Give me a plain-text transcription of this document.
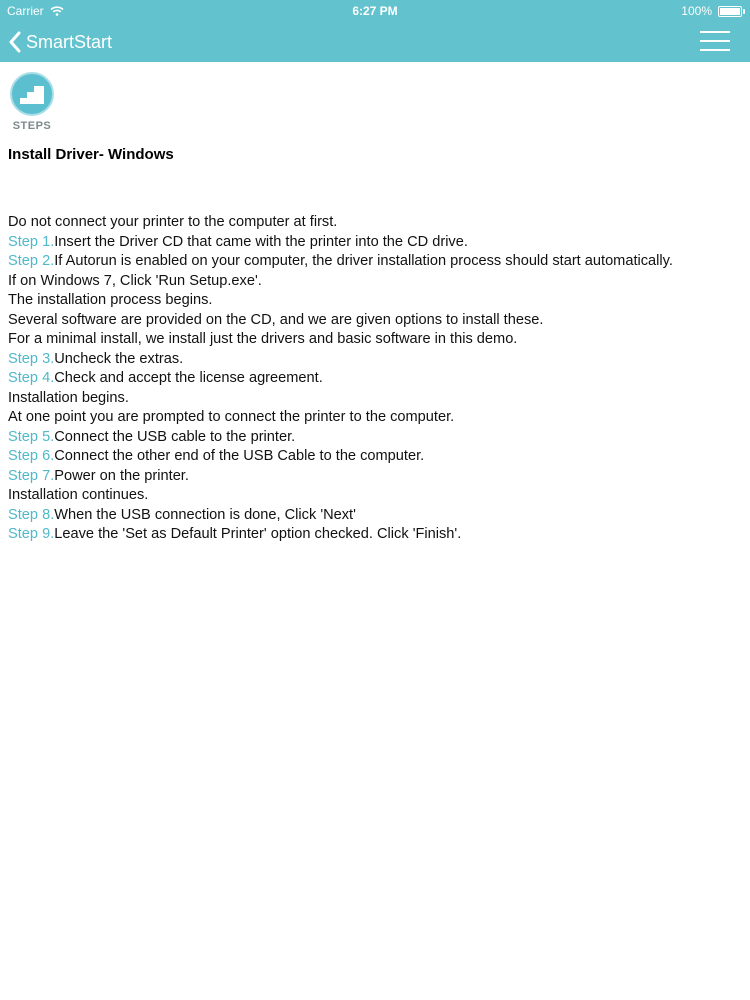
Carrier	6:27 PM	100%
SmartStart
STEPS
Install Driver- Windows
Do not connect your printer to the computer at first.
Step 1.Insert the Driver CD that came with the printer into the CD drive.
Step 2.If Autorun is enabled on your computer, the driver installation process should start automatically.
If on Windows 7, Click 'Run Setup.exe'.
The installation process begins.
Several software are provided on the CD, and we are given options to install these.
For a minimal install, we install just the drivers and basic software in this demo.
Step 3.Uncheck the extras.
Step 4.Check and accept the license agreement.
Installation begins.
At one point you are prompted to connect the printer to the computer.
Step 5.Connect the USB cable to the printer.
Step 6.Connect the other end of the USB Cable to the computer.
Step 7.Power on the printer.
Installation continues.
Step 8.When the USB connection is done, Click 'Next'
Step 9.Leave the 'Set as Default Printer' option checked. Click 'Finish'.
